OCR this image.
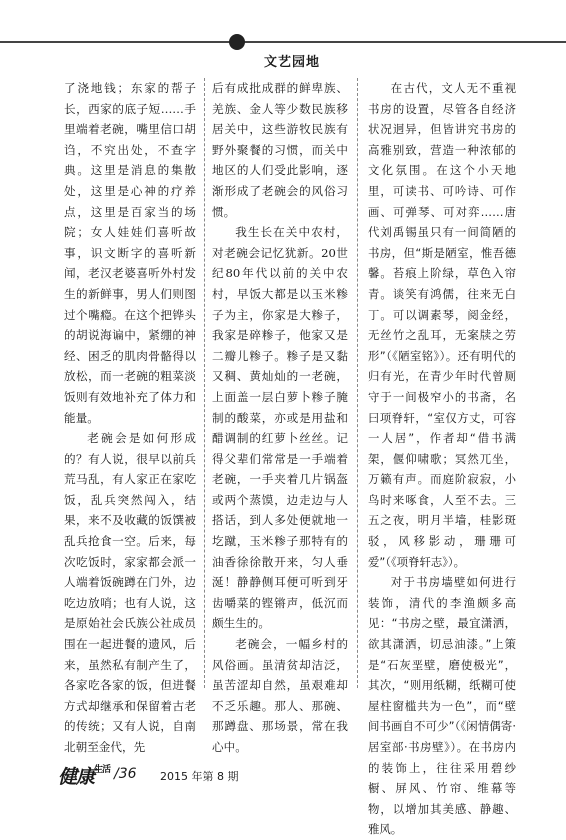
文艺园地

了浇地钱；东家的帮子长，西家的底子短……手里端着老碗，嘴里信口胡诌，不究出处，不查字典。这里是消息的集散处，这里是心神的疗养点，这里是百家当的场院；女人娃娃们喜听故事，识文断字的喜听新闻，老汉老婆喜听外村发生的新鲜事，男人们则图过个嘴瘾。在这个把铧头的胡说海谝中，紧绷的神经、困乏的肌肉骨骼得以放松，而一老碗的粗菜淡饭则有效地补充了体力和能量。

老碗会是如何形成的？有人说，很早以前兵荒马乱，有人家正在家吃饭，乱兵突然闯入，结果，来不及收藏的饭馔被乱兵抢食一空。后来，每次吃饭时，家家都会派一人端着饭碗蹲在门外，边吃边放哨；也有人说，这是原始社会氏族公社成员围在一起进餐的遗风，后来，虽然私有制产生了，各家吃各家的饭，但进餐方式却继承和保留着古老的传统；又有人说，自南北朝至金代，先

后有成批成群的鲜卑族、羌族、金人等少数民族移居关中，这些游牧民族有野外聚餐的习惯，而关中地区的人们受此影响，逐渐形成了老碗会的风俗习惯。

我生长在关中农村，对老碗会记忆犹新。20世纪80年代以前的关中农村，早饭大都是以玉米糁子为主，你家是大糁子，我家是碎糁子，他家又是二瓣儿糁子。糁子是又黏又稠、黄灿灿的一老碗，上面盖一层白萝卜糁子腌制的酸菜，亦或是用盐和醋调制的红萝卜丝丝。记得父辈们常常是一手端着老碗，一手夹着几片锅盔或两个蒸馍，边走边与人搭话，到人多处便就地一圪蹴，玉米糁子那特有的油香徐徐散开来，匀人垂涎！静静侧耳便可听到牙齿嚼菜的铿锵声，低沉而颇生生的。

老碗会，一幅乡村的风俗画。虽清贫却洁泛，虽苦涩却自然，虽艰难却不乏乐趣。那人、那碗、那蹲盘、那场景，常在我心中。

在古代，文人无不重视书房的设置，尽管各自经济状况迥异，但皆讲究书房的高雅别致，营造一种浓郁的文化氛围。在这个小天地里，可读书、可吟诗、可作画、可弹琴、可对弈……唐代刘禹锡虽只有一间简陋的书房，但“斯是陋室，惟吾德馨。苔痕上阶绿，草色入帘青。谈笑有鸿儒，往来无白丁。可以调素琴，阅金经，无丝竹之乱耳，无案牍之劳形”（《陋室铭》）。还有明代的归有光，在青少年时代曾厕守于一间极窄小的书斋，名曰项脊轩，“室仅方丈，可容一人居”，作者却“借书满架，偃仰啸歌；冥然兀坐，万籁有声。而庭阶寂寂，小鸟时来啄食，人至不去。三五之夜，明月半墙，桂影斑驳，风移影动，珊珊可爱”（《项脊轩志》）。

对于书房墙壁如何进行装饰，清代的李渔颇多高见：“书房之壁，最宜潇洒，欲其潇洒，切忌油漆。”上策是“石灰垩壁，磨使极光”，其次，“则用纸糊，纸糊可使屋柱窗槛共为一色”，而“壁间书画自不可少”（《闲情偶寄·居室部·书房壁》）。在书房内的装饰上，往往采用碧纱橱、屏风、竹帘、维幕等物，以增加其美感、静趣、雅风。

健康$^{生活}$ /36 2015 年第 8 期
